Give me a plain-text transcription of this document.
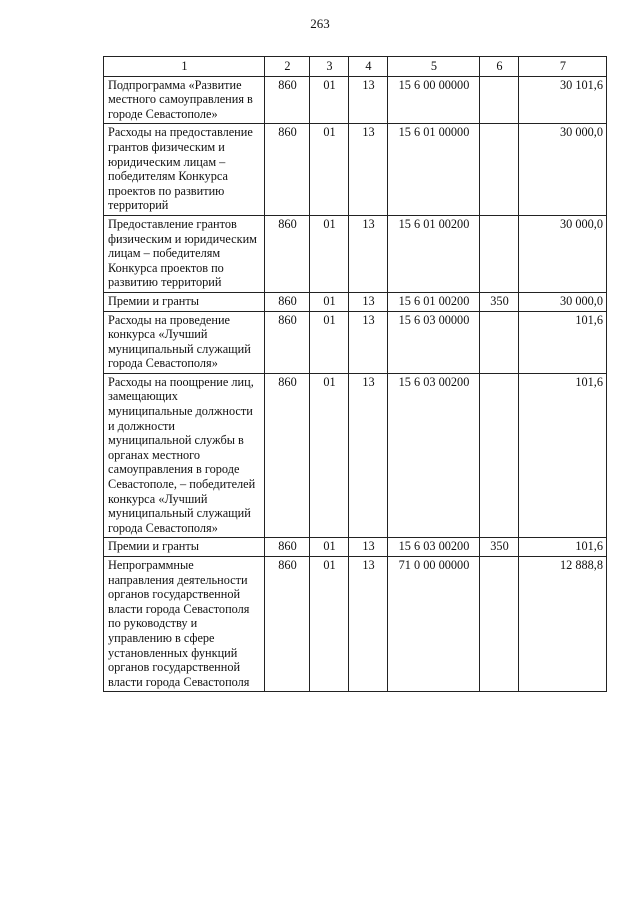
263
1	2	3	4	5	6	7
Подпрограмма «Развитие местного самоуправления в городе Севастополе»	860	01	13	15 6 00 00000		30 101,6
Расходы на предоставление грантов физическим и юридическим лицам – победителям Конкурса проектов по развитию территорий	860	01	13	15 6 01 00000		30 000,0
Предоставление грантов физическим и юридическим лицам – победителям Конкурса проектов по развитию территорий	860	01	13	15 6 01 00200		30 000,0
Премии и гранты	860	01	13	15 6 01 00200	350	30 000,0
Расходы на проведение конкурса «Лучший муниципальный служащий города Севастополя»	860	01	13	15 6 03 00000		101,6
Расходы на поощрение лиц, замещающих муниципальные должности и должности муниципальной службы в органах местного самоуправления в городе Севастополе, – победителей конкурса «Лучший муниципальный служащий города Севастополя»	860	01	13	15 6 03 00200		101,6
Премии и гранты	860	01	13	15 6 03 00200	350	101,6
Непрограммные направления деятельности органов государственной власти города Севастополя по руководству и управлению в сфере установленных функций органов государственной власти города Севастополя	860	01	13	71 0 00 00000		12 888,8
